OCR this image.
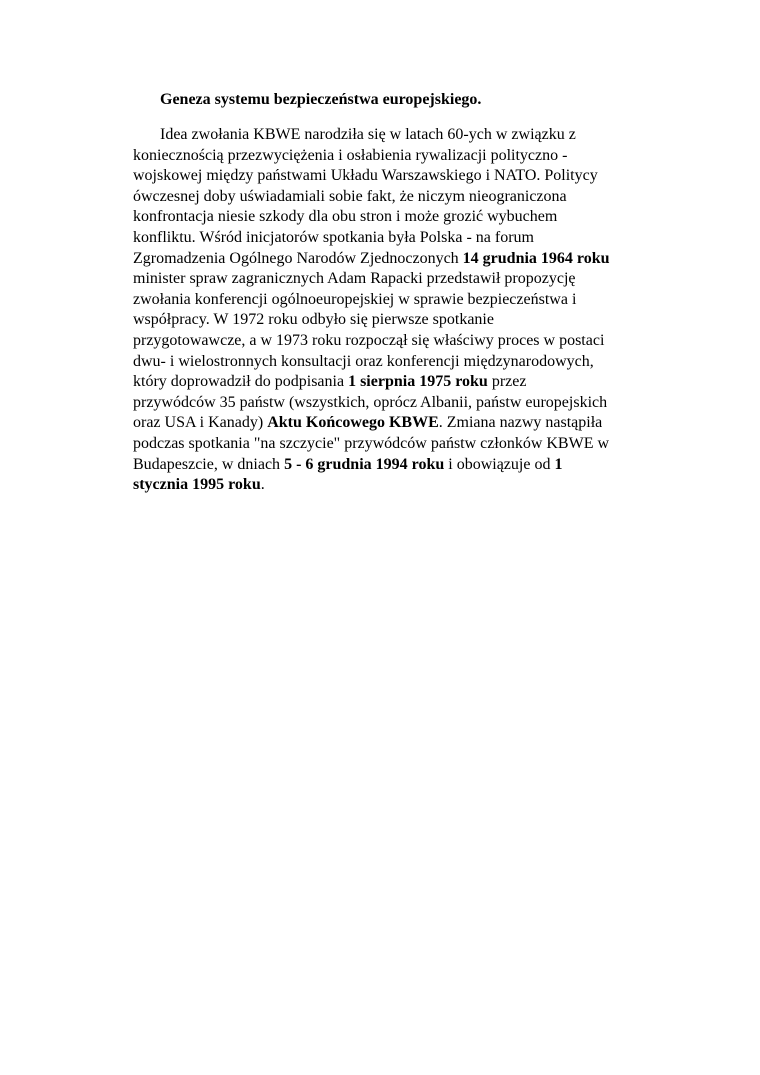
Geneza systemu bezpieczeństwa europejskiego.
Idea zwołania KBWE narodziła się w latach 60-ych w związku z
koniecznością przezwyciężenia i osłabienia rywalizacji polityczno -
wojskowej między państwami Układu Warszawskiego i NATO. Politycy
ówczesnej doby uświadamiali sobie fakt, że niczym nieograniczona
konfrontacja niesie szkody dla obu stron i może grozić wybuchem
konfliktu. Wśród inicjatorów spotkania była Polska - na forum
Zgromadzenia Ogólnego Narodów Zjednoczonych 14 grudnia 1964 roku
minister spraw zagranicznych Adam Rapacki przedstawił propozycję
zwołania konferencji ogólnoeuropejskiej w sprawie bezpieczeństwa i
współpracy. W 1972 roku odbyło się pierwsze spotkanie
przygotowawcze, a w 1973 roku rozpoczął się właściwy proces w postaci
dwu- i wielostronnych konsultacji oraz konferencji międzynarodowych,
który doprowadził do podpisania 1 sierpnia 1975 roku przez
przywódców 35 państw (wszystkich, oprócz Albanii, państw europejskich
oraz USA i Kanady) Aktu Końcowego KBWE. Zmiana nazwy nastąpiła
podczas spotkania "na szczycie" przywódców państw członków KBWE w
Budapeszcie, w dniach 5 - 6 grudnia 1994 roku i obowiązuje od 1
stycznia 1995 roku.
